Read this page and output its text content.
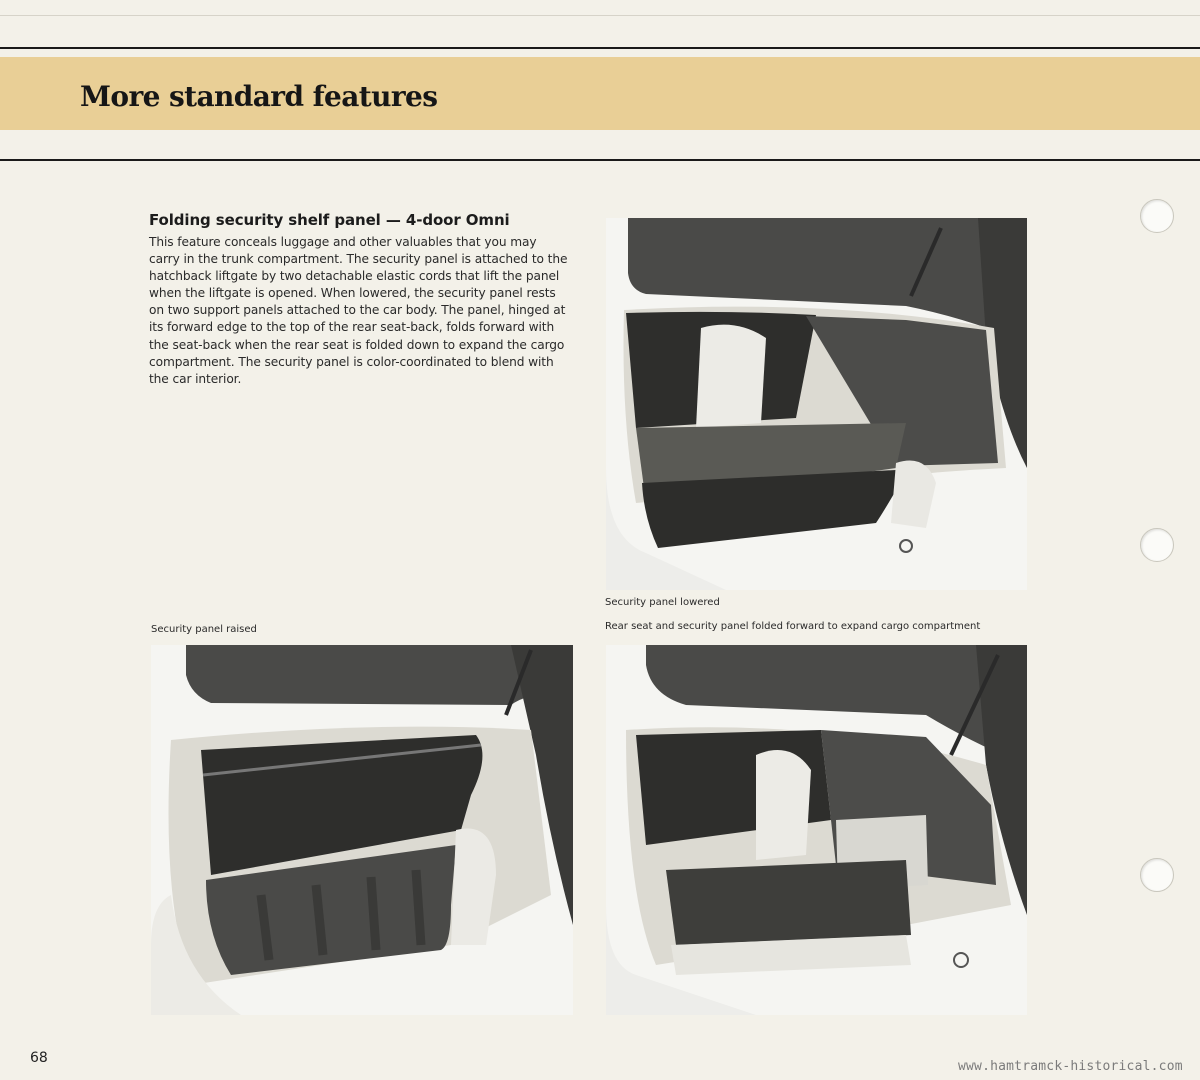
More standard features
Folding security shelf panel — 4-door Omni

This feature conceals luggage and other valuables that you may carry in the trunk compartment. The security panel is attached to the hatchback liftgate by two detachable elastic cords that lift the panel when the liftgate is opened. When lowered, the security panel rests on two support panels attached to the car body. The panel, hinged at its forward edge to the top of the rear seat-back, folds forward with the seat-back when the rear seat is folded down to expand the cargo compartment. The security panel is color-coordinated to blend with the car interior.

Security panel lowered

Security panel raised	Rear seat and security panel folded forward to expand cargo compartment

68

www.hamtramck-historical.com
